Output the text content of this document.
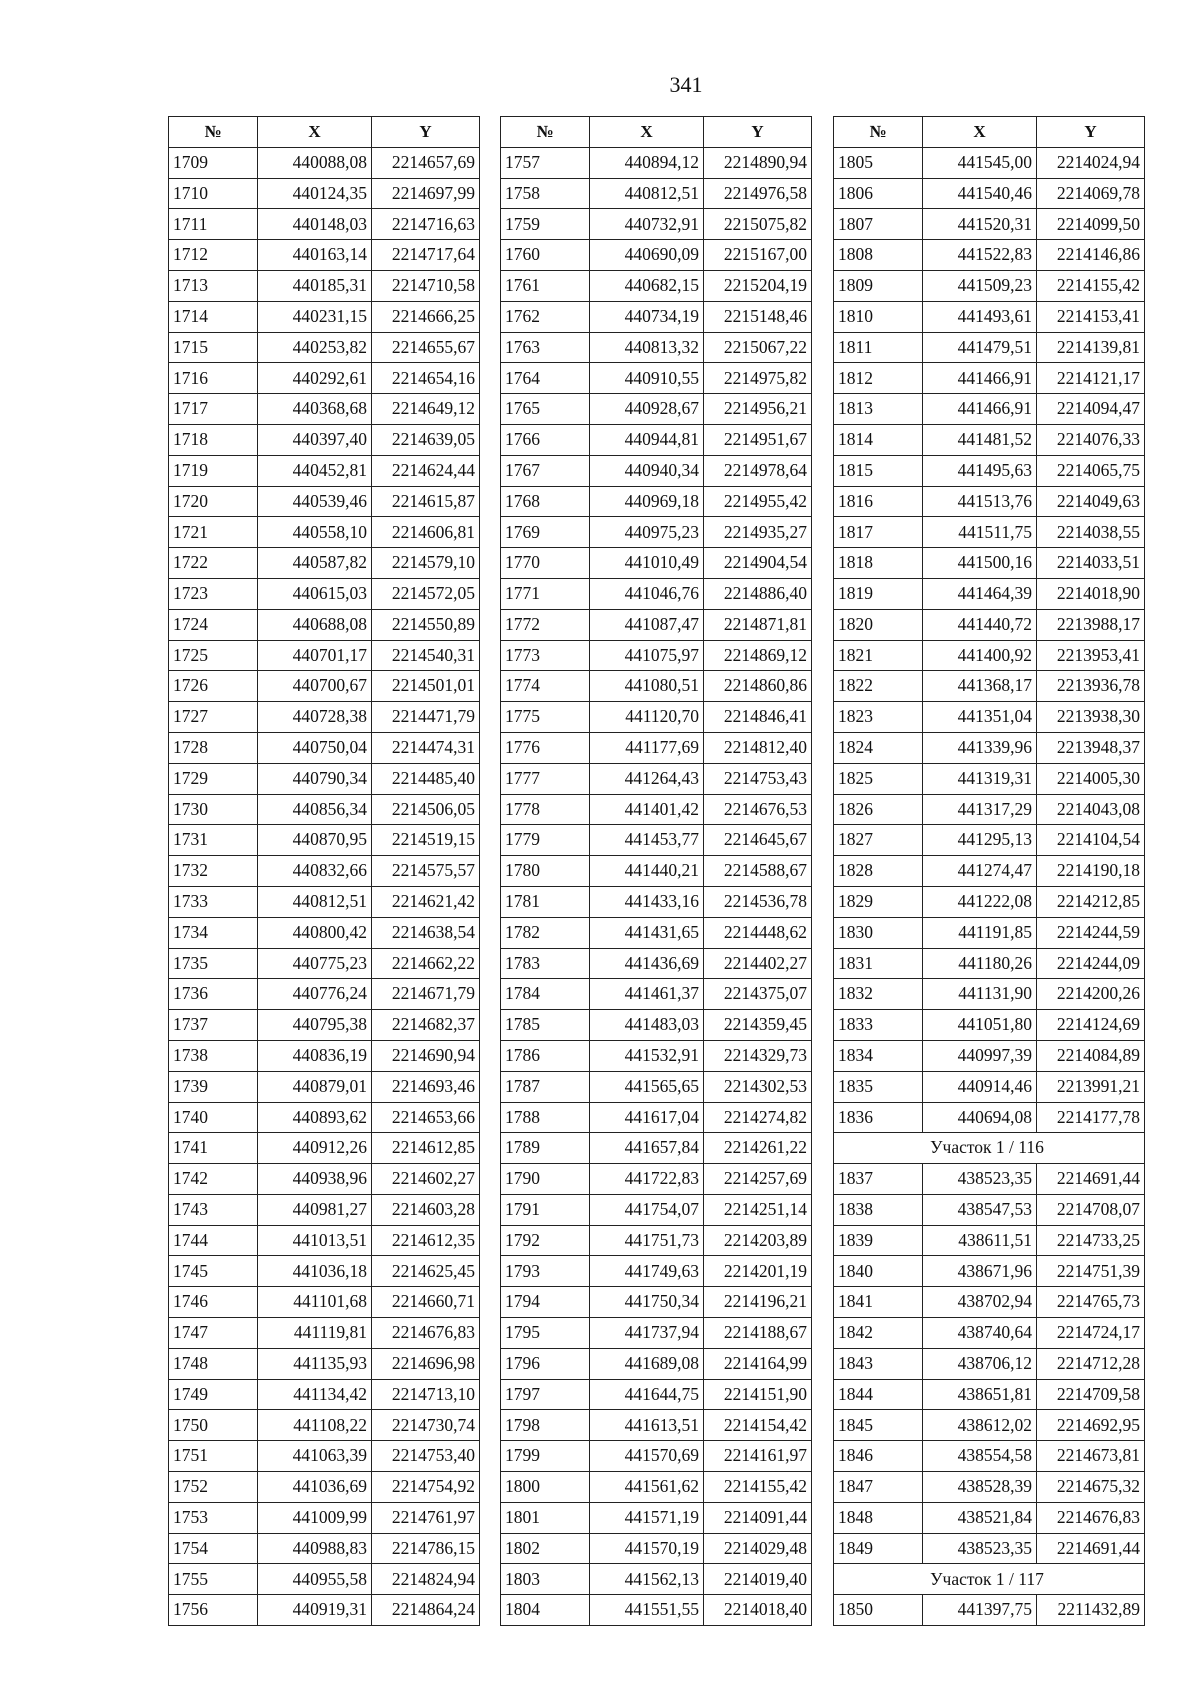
341
№	X	Y
1709	440088,08	2214657,69
1710	440124,35	2214697,99
1711	440148,03	2214716,63
1712	440163,14	2214717,64
1713	440185,31	2214710,58
1714	440231,15	2214666,25
1715	440253,82	2214655,67
1716	440292,61	2214654,16
1717	440368,68	2214649,12
1718	440397,40	2214639,05
1719	440452,81	2214624,44
1720	440539,46	2214615,87
1721	440558,10	2214606,81
1722	440587,82	2214579,10
1723	440615,03	2214572,05
1724	440688,08	2214550,89
1725	440701,17	2214540,31
1726	440700,67	2214501,01
1727	440728,38	2214471,79
1728	440750,04	2214474,31
1729	440790,34	2214485,40
1730	440856,34	2214506,05
1731	440870,95	2214519,15
1732	440832,66	2214575,57
1733	440812,51	2214621,42
1734	440800,42	2214638,54
1735	440775,23	2214662,22
1736	440776,24	2214671,79
1737	440795,38	2214682,37
1738	440836,19	2214690,94
1739	440879,01	2214693,46
1740	440893,62	2214653,66
1741	440912,26	2214612,85
1742	440938,96	2214602,27
1743	440981,27	2214603,28
1744	441013,51	2214612,35
1745	441036,18	2214625,45
1746	441101,68	2214660,71
1747	441119,81	2214676,83
1748	441135,93	2214696,98
1749	441134,42	2214713,10
1750	441108,22	2214730,74
1751	441063,39	2214753,40
1752	441036,69	2214754,92
1753	441009,99	2214761,97
1754	440988,83	2214786,15
1755	440955,58	2214824,94
1756	440919,31	2214864,24
№	X	Y
1757	440894,12	2214890,94
1758	440812,51	2214976,58
1759	440732,91	2215075,82
1760	440690,09	2215167,00
1761	440682,15	2215204,19
1762	440734,19	2215148,46
1763	440813,32	2215067,22
1764	440910,55	2214975,82
1765	440928,67	2214956,21
1766	440944,81	2214951,67
1767	440940,34	2214978,64
1768	440969,18	2214955,42
1769	440975,23	2214935,27
1770	441010,49	2214904,54
1771	441046,76	2214886,40
1772	441087,47	2214871,81
1773	441075,97	2214869,12
1774	441080,51	2214860,86
1775	441120,70	2214846,41
1776	441177,69	2214812,40
1777	441264,43	2214753,43
1778	441401,42	2214676,53
1779	441453,77	2214645,67
1780	441440,21	2214588,67
1781	441433,16	2214536,78
1782	441431,65	2214448,62
1783	441436,69	2214402,27
1784	441461,37	2214375,07
1785	441483,03	2214359,45
1786	441532,91	2214329,73
1787	441565,65	2214302,53
1788	441617,04	2214274,82
1789	441657,84	2214261,22
1790	441722,83	2214257,69
1791	441754,07	2214251,14
1792	441751,73	2214203,89
1793	441749,63	2214201,19
1794	441750,34	2214196,21
1795	441737,94	2214188,67
1796	441689,08	2214164,99
1797	441644,75	2214151,90
1798	441613,51	2214154,42
1799	441570,69	2214161,97
1800	441561,62	2214155,42
1801	441571,19	2214091,44
1802	441570,19	2214029,48
1803	441562,13	2214019,40
1804	441551,55	2214018,40
№	X	Y
1805	441545,00	2214024,94
1806	441540,46	2214069,78
1807	441520,31	2214099,50
1808	441522,83	2214146,86
1809	441509,23	2214155,42
1810	441493,61	2214153,41
1811	441479,51	2214139,81
1812	441466,91	2214121,17
1813	441466,91	2214094,47
1814	441481,52	2214076,33
1815	441495,63	2214065,75
1816	441513,76	2214049,63
1817	441511,75	2214038,55
1818	441500,16	2214033,51
1819	441464,39	2214018,90
1820	441440,72	2213988,17
1821	441400,92	2213953,41
1822	441368,17	2213936,78
1823	441351,04	2213938,30
1824	441339,96	2213948,37
1825	441319,31	2214005,30
1826	441317,29	2214043,08
1827	441295,13	2214104,54
1828	441274,47	2214190,18
1829	441222,08	2214212,85
1830	441191,85	2214244,59
1831	441180,26	2214244,09
1832	441131,90	2214200,26
1833	441051,80	2214124,69
1834	440997,39	2214084,89
1835	440914,46	2213991,21
1836	440694,08	2214177,78
Участок 1 / 116		
1837	438523,35	2214691,44
1838	438547,53	2214708,07
1839	438611,51	2214733,25
1840	438671,96	2214751,39
1841	438702,94	2214765,73
1842	438740,64	2214724,17
1843	438706,12	2214712,28
1844	438651,81	2214709,58
1845	438612,02	2214692,95
1846	438554,58	2214673,81
1847	438528,39	2214675,32
1848	438521,84	2214676,83
1849	438523,35	2214691,44
Участок 1 / 117		
1850	441397,75	2211432,89
